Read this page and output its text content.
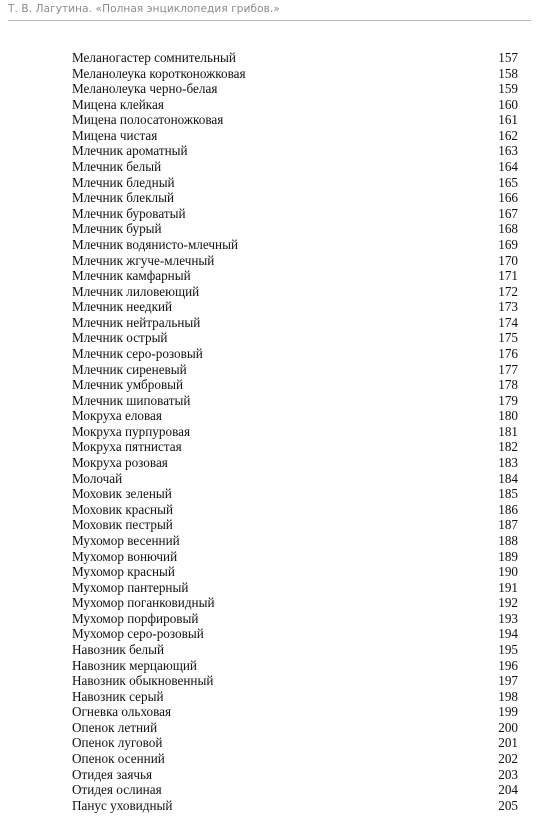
Т. В. Лагутина. «Полная энциклопедия грибов.»
Меланогастер сомнительный	157
Меланолеука коротконожковая	158
Меланолеука черно-белая	159
Мицена клейкая	160
Мицена полосатоножковая	161
Мицена чистая	162
Млечник ароматный	163
Млечник белый	164
Млечник бледный	165
Млечник блеклый	166
Млечник буроватый	167
Млечник бурый	168
Млечник водянисто-млечный	169
Млечник жгуче-млечный	170
Млечник камфарный	171
Млечник лиловеющий	172
Млечник неедкий	173
Млечник нейтральный	174
Млечник острый	175
Млечник серо-розовый	176
Млечник сиреневый	177
Млечник умбровый	178
Млечник шиповатый	179
Мокруха еловая	180
Мокруха пурпуровая	181
Мокруха пятнистая	182
Мокруха розовая	183
Молочай	184
Моховик зеленый	185
Моховик красный	186
Моховик пестрый	187
Мухомор весенний	188
Мухомор вонючий	189
Мухомор красный	190
Мухомор пантерный	191
Мухомор поганковидный	192
Мухомор порфировый	193
Мухомор серо-розовый	194
Навозник белый	195
Навозник мерцающий	196
Навозник обыкновенный	197
Навозник серый	198
Огневка ольховая	199
Опенок летний	200
Опенок луговой	201
Опенок осенний	202
Отидея заячья	203
Отидея ослиная	204
Панус уховидный	205
